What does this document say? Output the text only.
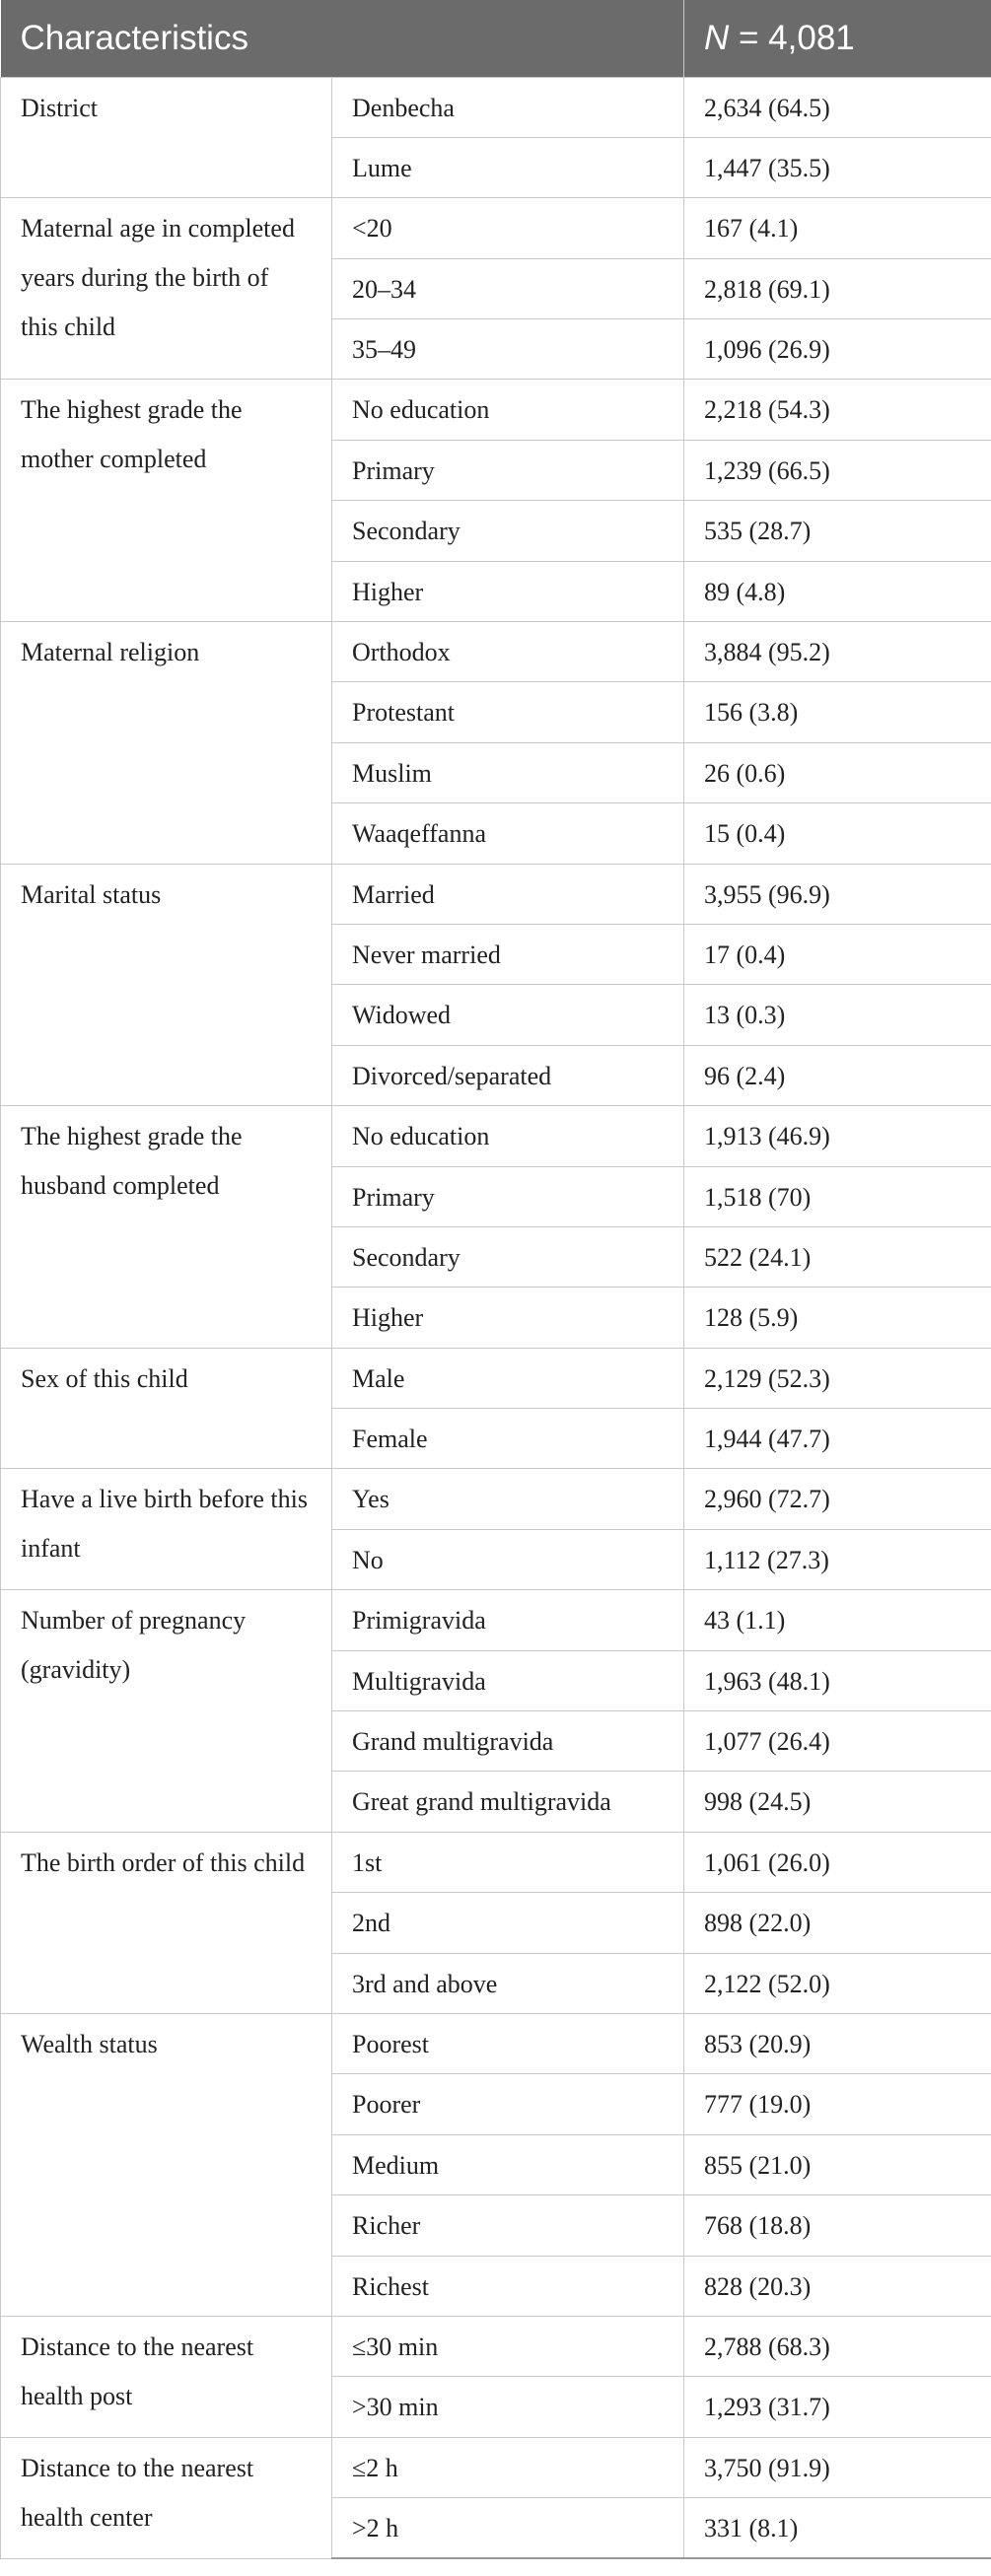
Characteristics		N = 4,081
District	Denbecha	2,634 (64.5)
	Lume	1,447 (35.5)
Maternal age in completed years during the birth of this child	<20	167 (4.1)
	20–34	2,818 (69.1)
	35–49	1,096 (26.9)
The highest grade the mother completed	No education	2,218 (54.3)
	Primary	1,239 (66.5)
	Secondary	535 (28.7)
	Higher	89 (4.8)
Maternal religion	Orthodox	3,884 (95.2)
	Protestant	156 (3.8)
	Muslim	26 (0.6)
	Waaqeffanna	15 (0.4)
Marital status	Married	3,955 (96.9)
	Never married	17 (0.4)
	Widowed	13 (0.3)
	Divorced/separated	96 (2.4)
The highest grade the husband completed	No education	1,913 (46.9)
	Primary	1,518 (70)
	Secondary	522 (24.1)
	Higher	128 (5.9)
Sex of this child	Male	2,129 (52.3)
	Female	1,944 (47.7)
Have a live birth before this infant	Yes	2,960 (72.7)
	No	1,112 (27.3)
Number of pregnancy (gravidity)	Primigravida	43 (1.1)
	Multigravida	1,963 (48.1)
	Grand multigravida	1,077 (26.4)
	Great grand multigravida	998 (24.5)
The birth order of this child	1st	1,061 (26.0)
	2nd	898 (22.0)
	3rd and above	2,122 (52.0)
Wealth status	Poorest	853 (20.9)
	Poorer	777 (19.0)
	Medium	855 (21.0)
	Richer	768 (18.8)
	Richest	828 (20.3)
Distance to the nearest health post	≤30 min	2,788 (68.3)
	>30 min	1,293 (31.7)
Distance to the nearest health center	≤2 h	3,750 (91.9)
	>2 h	331 (8.1)
